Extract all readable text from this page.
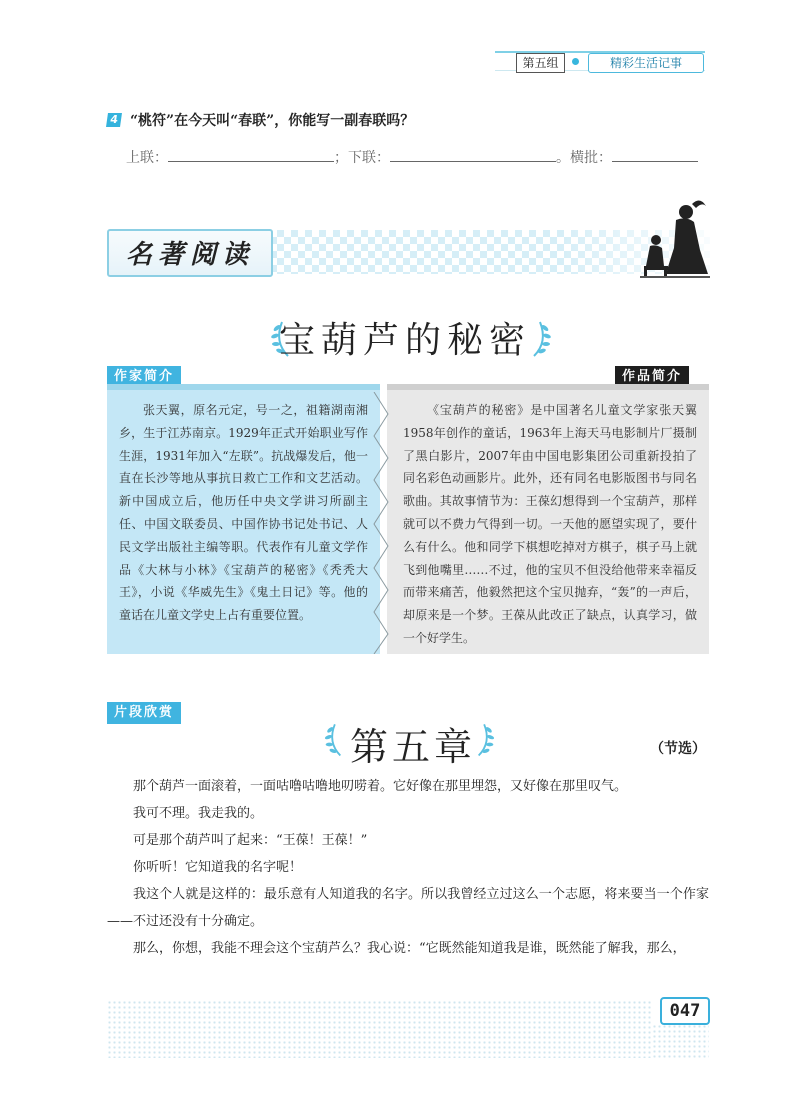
第五组	精彩生活记事
4 “桃符”在今天叫“春联”，你能写一副春联吗？
上联：	；下联：	。横批：
名著阅读
宝葫芦的秘密
作家简介	作品简介
张天翼，原名元定，号一之，祖籍湖南湘乡，生于江苏南京。1929年正式开始职业写作生涯，1931年加入“左联”。抗战爆发后，他一直在长沙等地从事抗日救亡工作和文艺活动。新中国成立后，他历任中央文学讲习所副主任、中国文联委员、中国作协书记处书记、人民文学出版社主编等职。代表作有儿童文学作品《大林与小林》《宝葫芦的秘密》《秃秃大王》，小说《华威先生》《鬼土日记》等。他的童话在儿童文学史上占有重要位置。
《宝葫芦的秘密》是中国著名儿童文学家张天翼1958年创作的童话，1963年上海天马电影制片厂摄制了黑白影片，2007年由中国电影集团公司重新投拍了同名彩色动画影片。此外，还有同名电影版图书与同名歌曲。其故事情节为：王葆幻想得到一个宝葫芦，那样就可以不费力气得到一切。一天他的愿望实现了，要什么有什么。他和同学下棋想吃掉对方棋子，棋子马上就飞到他嘴里……不过，他的宝贝不但没给他带来幸福反而带来痛苦，他毅然把这个宝贝抛弃，“轰”的一声后，却原来是一个梦。王葆从此改正了缺点，认真学习，做一个好学生。
片段欣赏
第五章	（节选）

那个葫芦一面滚着，一面咕噜咕噜地叨唠着。它好像在那里埋怨，又好像在那里叹气。

我可不理。我走我的。

可是那个葫芦叫了起来：“王葆！王葆！”

你听听！它知道我的名字呢！

我这个人就是这样的：最乐意有人知道我的名字。所以我曾经立过这么一个志愿，将来要当一个作家——不过还没有十分确定。

那么，你想，我能不理会这个宝葫芦么？我心说：“它既然能知道我是谁，既然能了解我，那么，

047
